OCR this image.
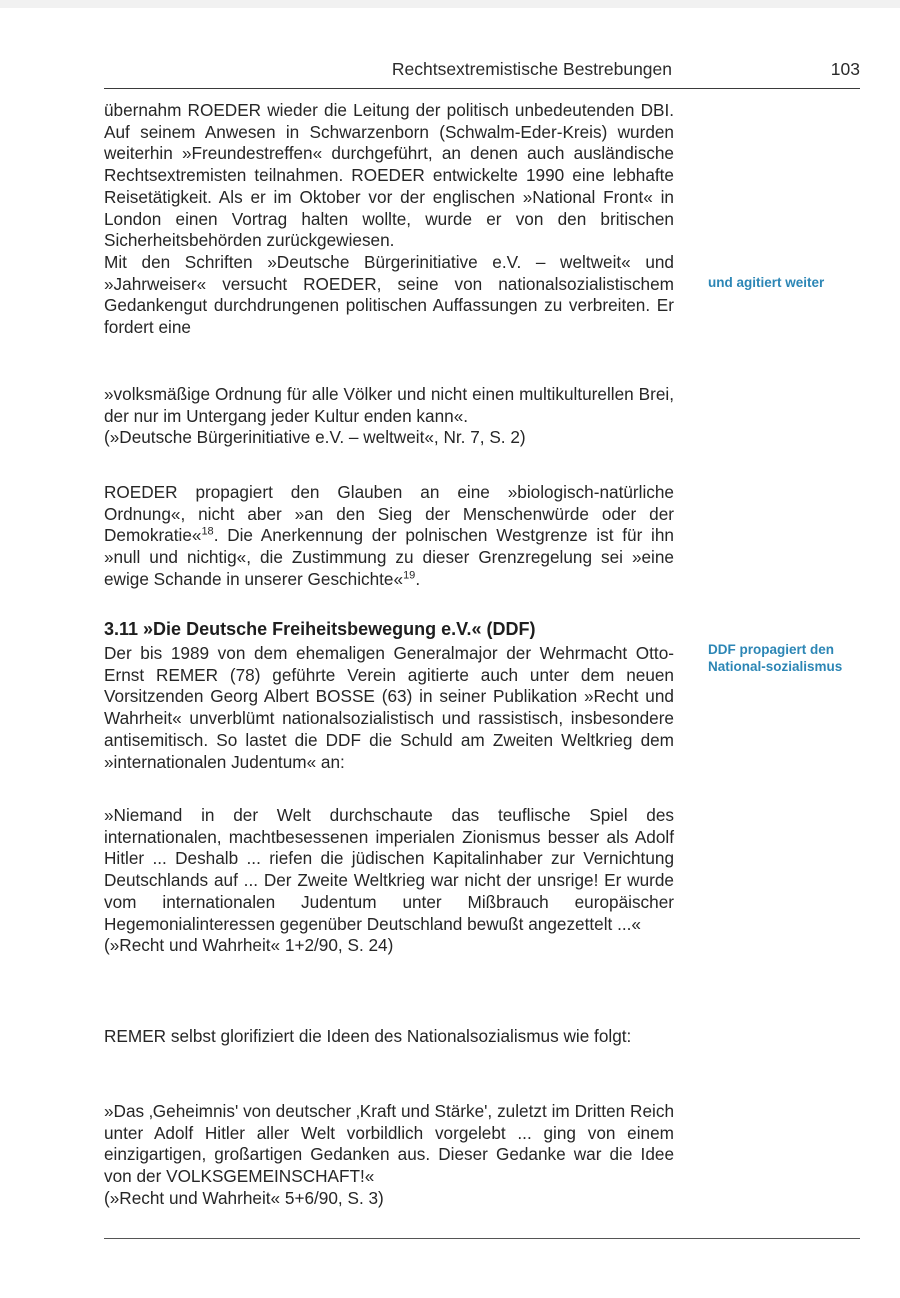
Rechtsextremistische Bestrebungen	103

übernahm ROEDER wieder die Leitung der politisch unbedeutenden DBI. Auf seinem Anwesen in Schwarzenborn (Schwalm-Eder-Kreis) wurden weiterhin »Freundestreffen« durchgeführt, an denen auch ausländische Rechtsextremisten teilnahmen. ROEDER entwickelte 1990 eine lebhafte Reisetätigkeit. Als er im Oktober vor der englischen »National Front« in London einen Vortrag halten wollte, wurde er von den britischen Sicherheitsbehörden zurückgewiesen.

Mit den Schriften »Deutsche Bürgerinitiative e.V. – weltweit« und »Jahrweiser« versucht ROEDER, seine von nationalsozialistischem Gedankengut durchdrungenen politischen Auffassungen zu verbreiten. Er fordert eine

und agitiert weiter
»volksmäßige Ordnung für alle Völker und nicht einen multikulturellen Brei, der nur im Untergang jeder Kultur enden kann«.
(»Deutsche Bürgerinitiative e.V. – weltweit«, Nr. 7, S. 2)
ROEDER propagiert den Glauben an eine »biologisch-natürliche Ordnung«, nicht aber »an den Sieg der Menschenwürde oder der Demokratie«$^{18}$. Die Anerkennung der polnischen Westgrenze ist für ihn »null und nichtig«, die Zustimmung zu dieser Grenzregelung sei »eine ewige Schande in unserer Geschichte«$^{19}$.
3.11 »Die Deutsche Freiheitsbewegung e.V.« (DDF)
Der bis 1989 von dem ehemaligen Generalmajor der Wehrmacht Otto-Ernst REMER (78) geführte Verein agitierte auch unter dem neuen Vorsitzenden Georg Albert BOSSE (63) in seiner Publikation »Recht und Wahrheit« unverblümt nationalsozialistisch und rassistisch, insbesondere antisemitisch. So lastet die DDF die Schuld am Zweiten Weltkrieg dem »internationalen Judentum« an:
DDF propagiert den National-sozialismus
»Niemand in der Welt durchschaute das teuflische Spiel des internationalen, machtbesessenen imperialen Zionismus besser als Adolf Hitler ... Deshalb ... riefen die jüdischen Kapitalinhaber zur Vernichtung Deutschlands auf ... Der Zweite Weltkrieg war nicht der unsrige! Er wurde vom internationalen Judentum unter Mißbrauch europäischer Hegemonialinteressen gegenüber Deutschland bewußt angezettelt ...«
(»Recht und Wahrheit« 1+2/90, S. 24)
REMER selbst glorifiziert die Ideen des Nationalsozialismus wie folgt:
»Das ‚Geheimnis' von deutscher ‚Kraft und Stärke', zuletzt im Dritten Reich unter Adolf Hitler aller Welt vorbildlich vorgelebt ... ging von einem einzigartigen, großartigen Gedanken aus. Dieser Gedanke war die Idee von der VOLKSGEMEINSCHAFT!«
(»Recht und Wahrheit« 5+6/90, S. 3)
